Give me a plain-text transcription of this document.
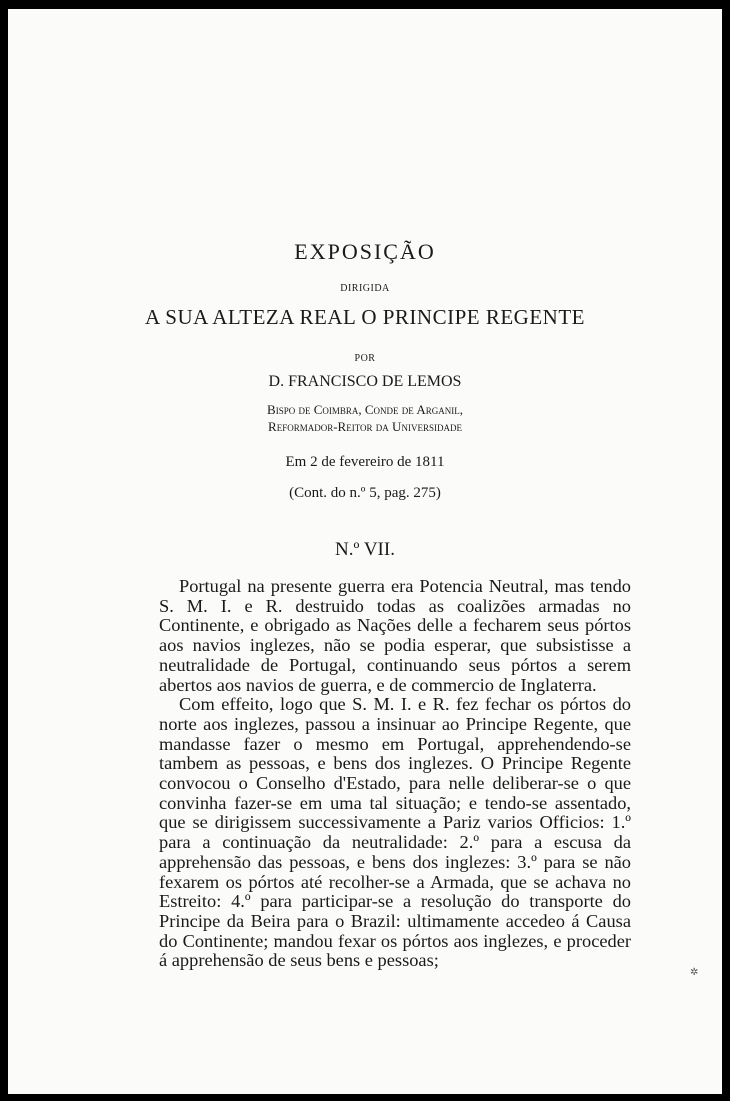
EXPOSIÇÃO
DIRIGIDA
A SUA ALTEZA REAL O PRINCIPE REGENTE
POR
D. FRANCISCO DE LEMOS
Bispo de Coimbra, Conde de Arganil,
Reformador-Reitor da Universidade
Em 2 de fevereiro de 1811
(Cont. do n.º 5, pag. 275)
N.º VII.

Portugal na presente guerra era Potencia Neutral, mas tendo S. M. I. e R. destruido todas as coalizões armadas no Continente, e obrigado as Nações delle a fecharem seus pórtos aos navios inglezes, não se podia esperar, que subsistisse a neutralidade de Portugal, continuando seus pórtos a serem abertos aos navios de guerra, e de commercio de Inglaterra.

Com effeito, logo que S. M. I. e R. fez fechar os pórtos do norte aos inglezes, passou a insinuar ao Principe Regente, que mandasse fazer o mesmo em Portugal, apprehendendo-se tambem as pessoas, e bens dos inglezes. O Principe Regente convocou o Conselho d'Estado, para nelle deliberar-se o que convinha fazer-se em uma tal situação; e tendo-se assentado, que se dirigissem successivamente a Pariz varios Officios: 1.º para a continuação da neutralidade: 2.º para a escusa da apprehensão das pessoas, e bens dos inglezes: 3.º para se não fexarem os pórtos até recolher-se a Armada, que se achava no Estreito: 4.º para participar-se a resolução do transporte do Principe da Beira para o Brazil: ultimamente accedeo á Causa do Continente; mandou fexar os pórtos aos inglezes, e proceder á apprehensão de seus bens e pessoas;

✲
